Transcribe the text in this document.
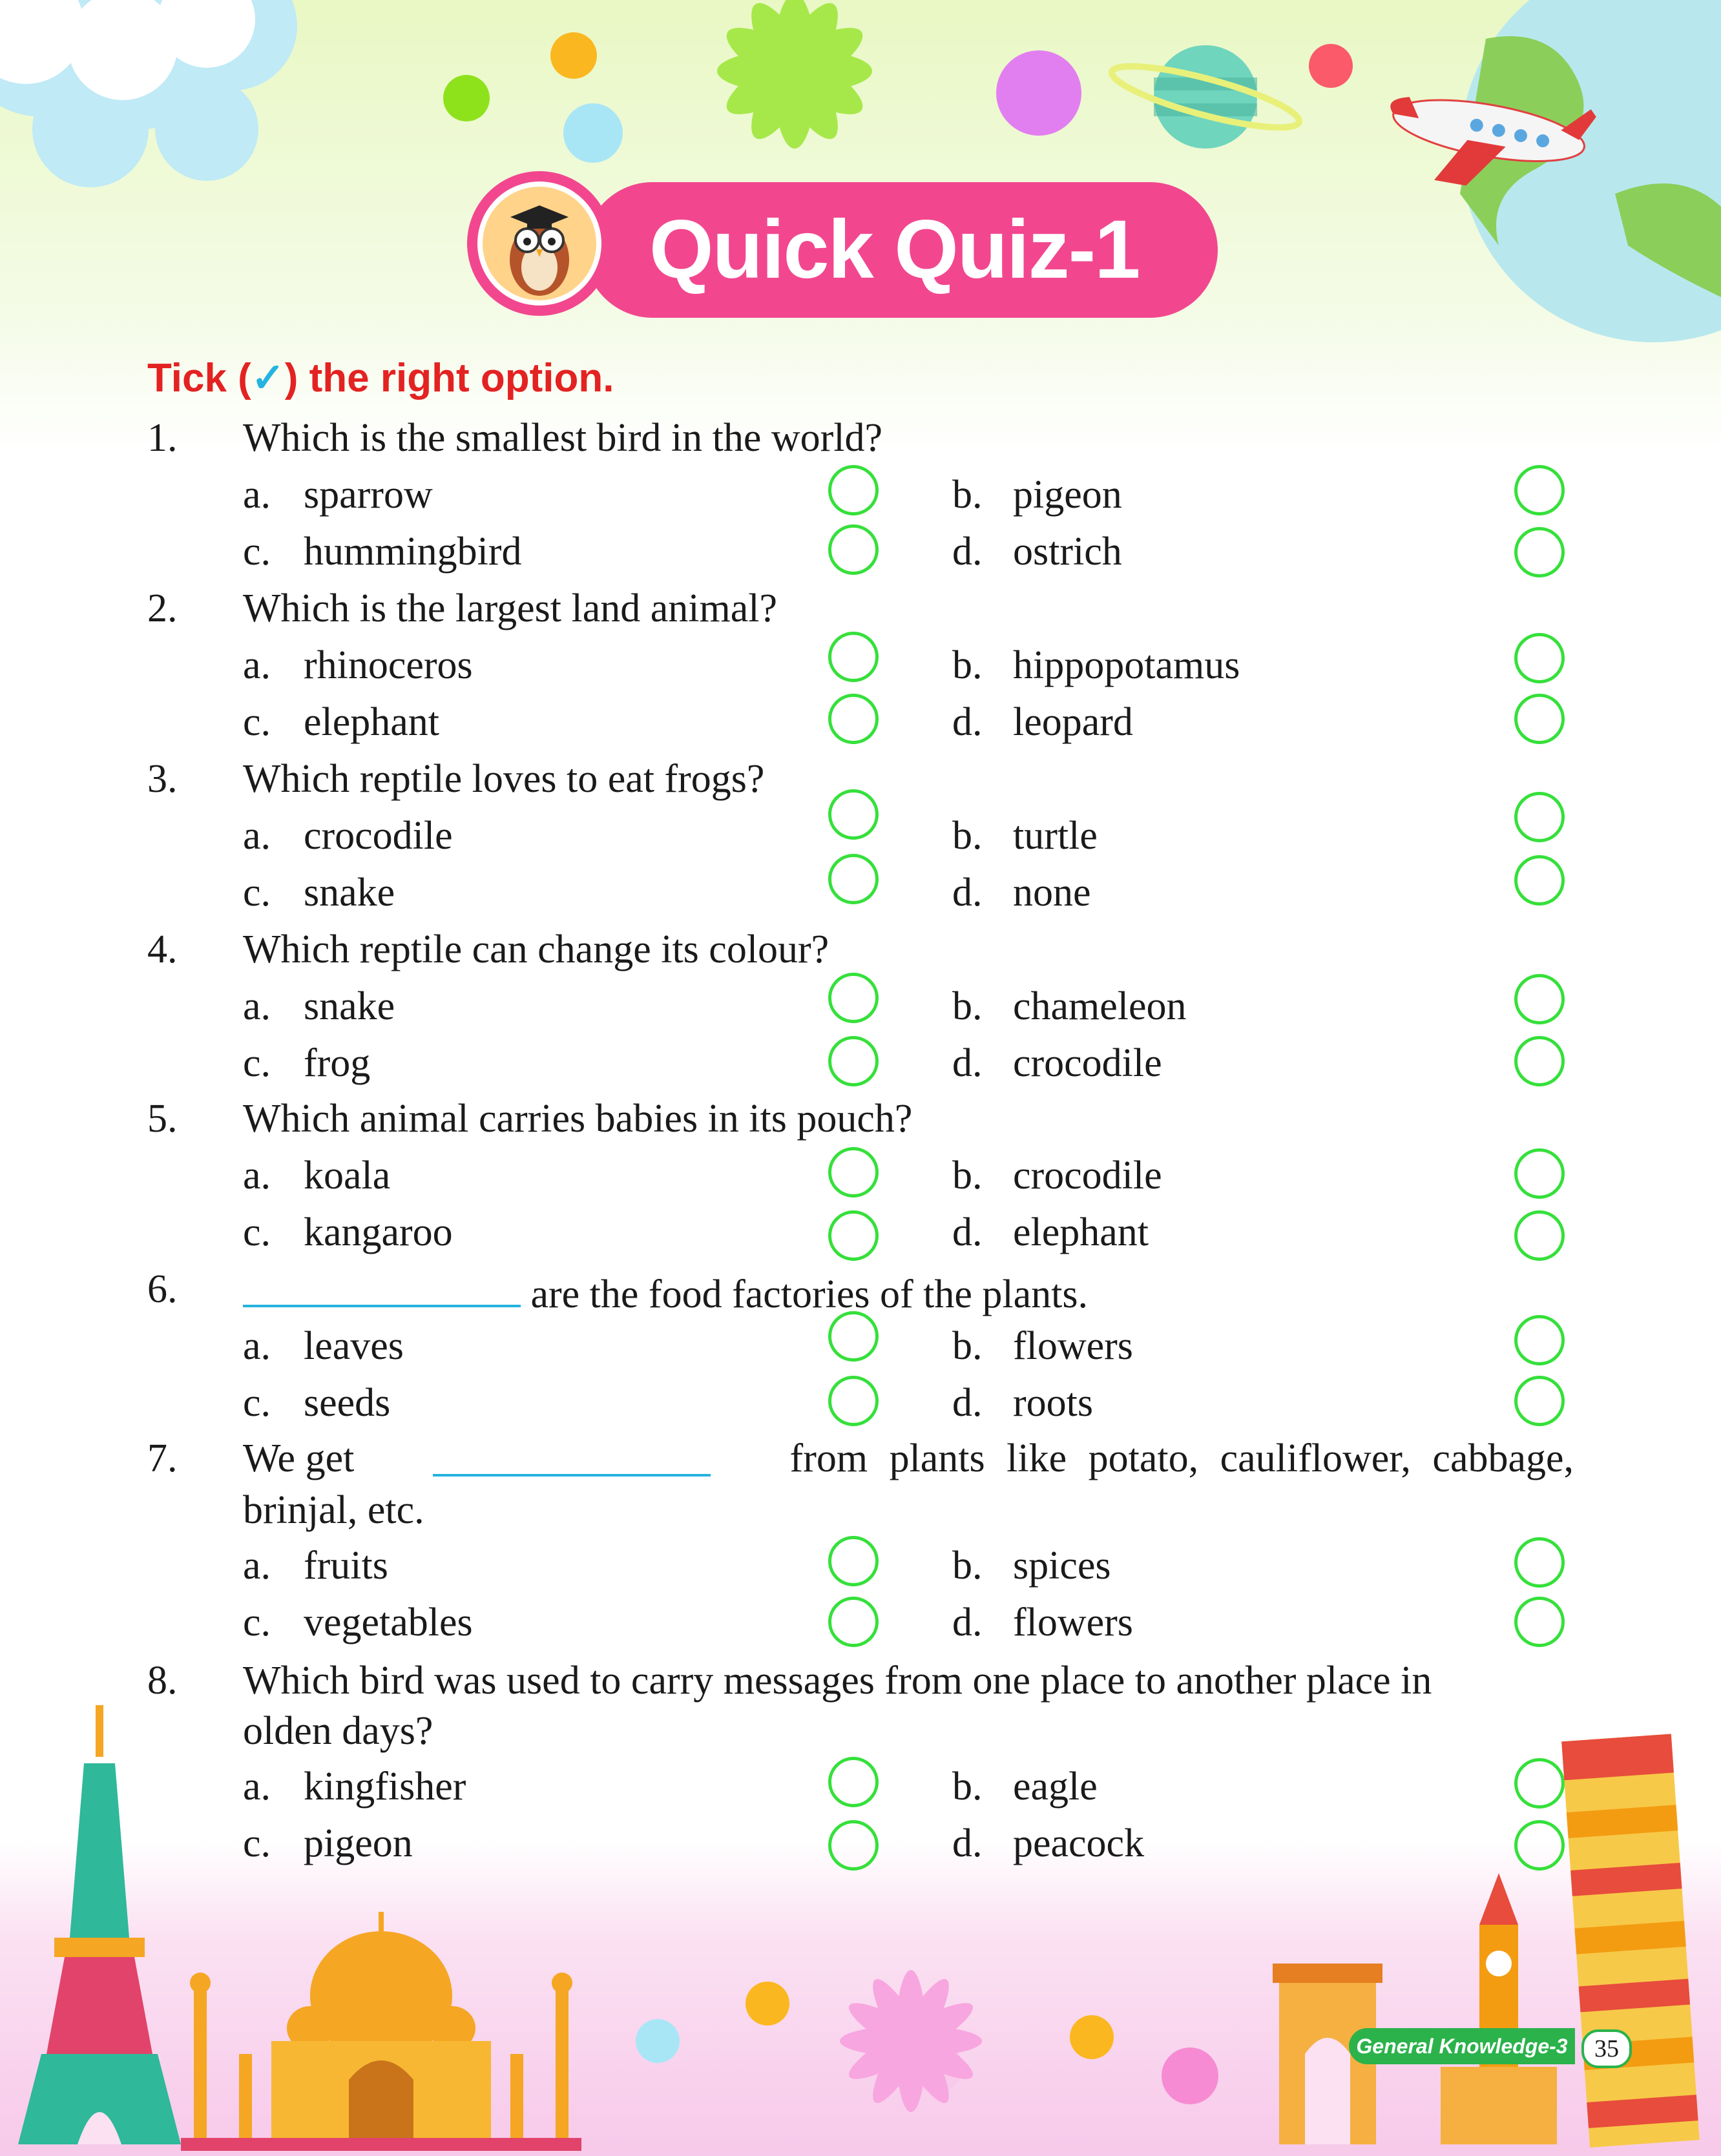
Quick Quiz-1
Tick (✓) the right option.
1. Which is the smallest bird in the world?
a. sparrow	b. pigeon
c. hummingbird	d. ostrich
2. Which is the largest land animal?
a. rhinoceros	b. hippopotamus
c. elephant	d. leopard
3. Which reptile loves to eat frogs?
a. crocodile	b. turtle
c. snake	d. none
4. Which reptile can change its colour?
a. snake	b. chameleon
c. frog	d. crocodile
5. Which animal carries babies in its pouch?
a. koala	b. crocodile
c. kangaroo	d. elephant
6.	are the food factories of the plants.
a. leaves	b. flowers
c. seeds	d. roots
7. We get	from plants like potato, cauliflower, cabbage,
brinjal, etc.
a. fruits	b. spices
c. vegetables	d. flowers
8. Which bird was used to carry messages from one place to another place in
olden days?
a. kingfisher	b. eagle
c. pigeon	d. peacock
General Knowledge-3	35
